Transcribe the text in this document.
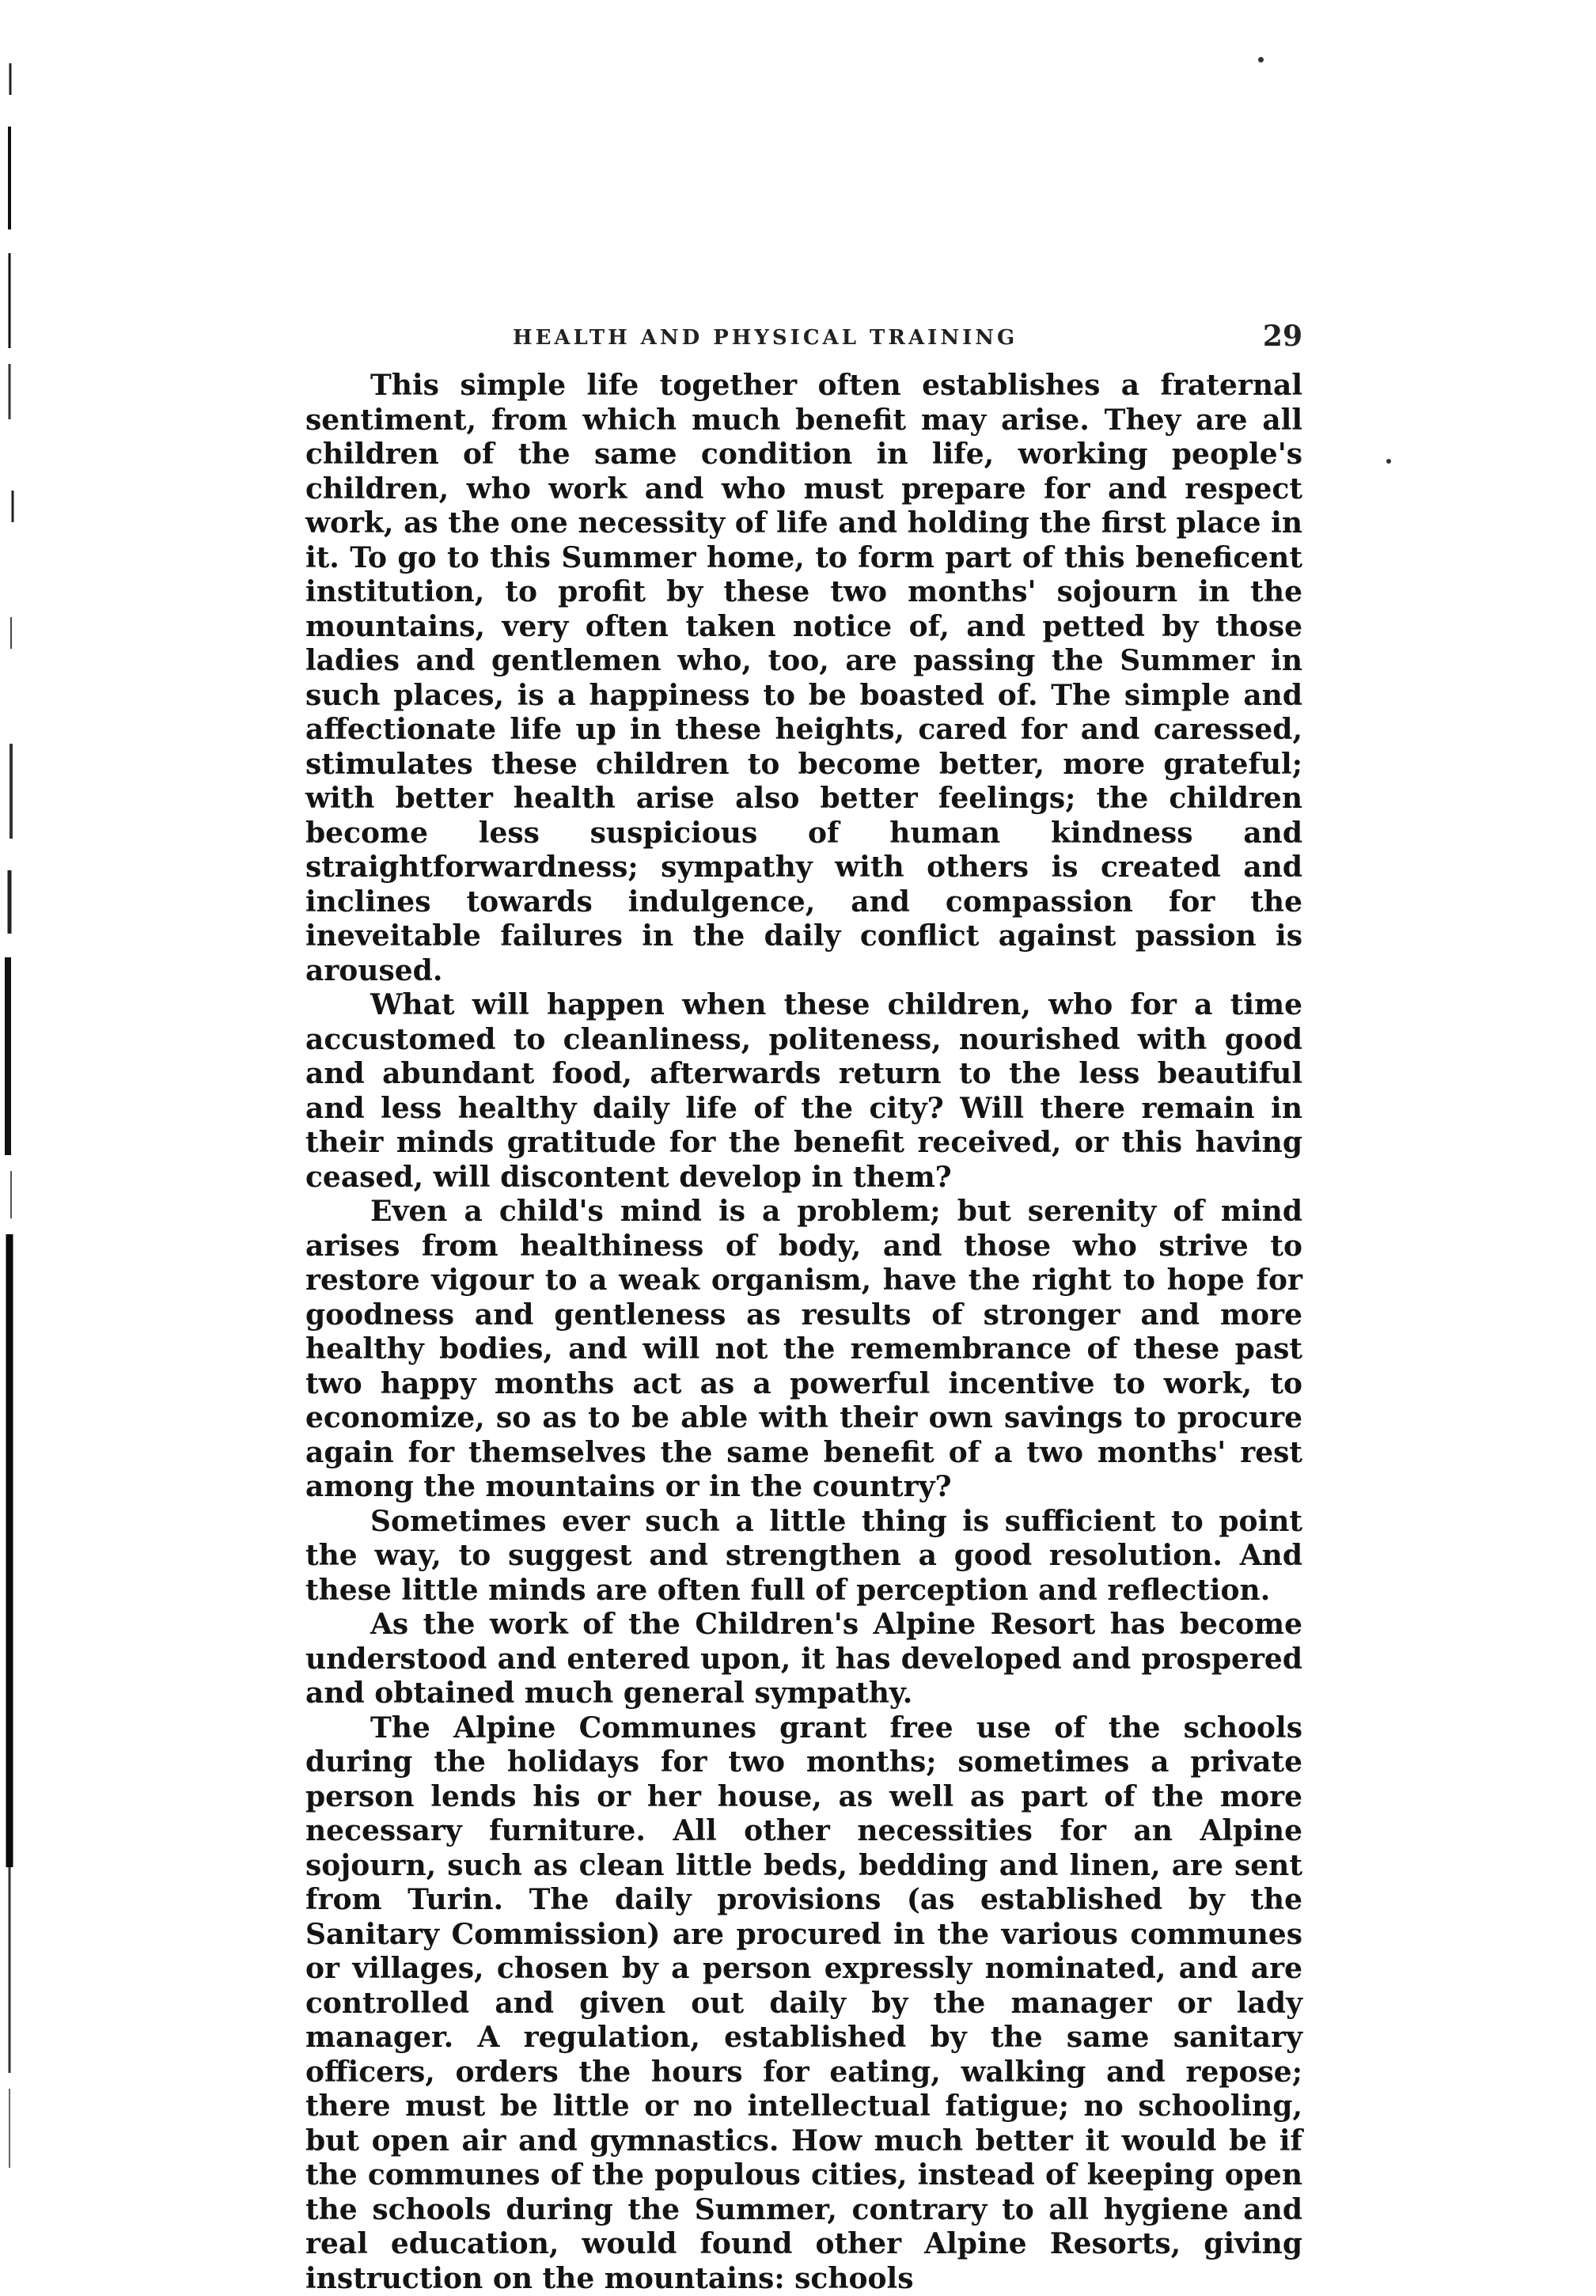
HEALTH AND PHYSICAL TRAINING	29

This simple life together often establishes a fraternal sentiment, from which much benefit may arise. They are all children of the same condition in life, working people's children, who work and who must prepare for and respect work, as the one necessity of life and holding the first place in it. To go to this Summer home, to form part of this beneficent institution, to profit by these two months' sojourn in the mountains, very often taken notice of, and petted by those ladies and gentlemen who, too, are passing the Summer in such places, is a happiness to be boasted of. The simple and affectionate life up in these heights, cared for and caressed, stimulates these children to become better, more grateful; with better health arise also better feelings; the children become less suspicious of human kindness and straightforwardness; sympathy with others is created and inclines towards indulgence, and compassion for the ineveitable failures in the daily conflict against passion is aroused.

What will happen when these children, who for a time accustomed to cleanliness, politeness, nourished with good and abundant food, afterwards return to the less beautiful and less healthy daily life of the city? Will there remain in their minds gratitude for the benefit received, or this having ceased, will discontent develop in them?

Even a child's mind is a problem; but serenity of mind arises from healthiness of body, and those who strive to restore vigour to a weak organism, have the right to hope for goodness and gentleness as results of stronger and more healthy bodies, and will not the remembrance of these past two happy months act as a powerful incentive to work, to economize, so as to be able with their own savings to procure again for themselves the same benefit of a two months' rest among the mountains or in the country?

Sometimes ever such a little thing is sufficient to point the way, to suggest and strengthen a good resolution. And these little minds are often full of perception and reflection.

As the work of the Children's Alpine Resort has become understood and entered upon, it has developed and prospered and obtained much general sympathy.

The Alpine Communes grant free use of the schools during the holidays for two months; sometimes a private person lends his or her house, as well as part of the more necessary furniture. All other necessities for an Alpine sojourn, such as clean little beds, bedding and linen, are sent from Turin. The daily provisions (as established by the Sanitary Commission) are procured in the various communes or villages, chosen by a person expressly nominated, and are controlled and given out daily by the manager or lady manager. A regulation, established by the same sanitary officers, orders the hours for eating, walking and repose; there must be little or no intellectual fatigue; no schooling, but open air and gymnastics. How much better it would be if the communes of the populous cities, instead of keeping open the schools during the Summer, contrary to all hygiene and real education, would found other Alpine Resorts, giving instruction on the mountains: schools
